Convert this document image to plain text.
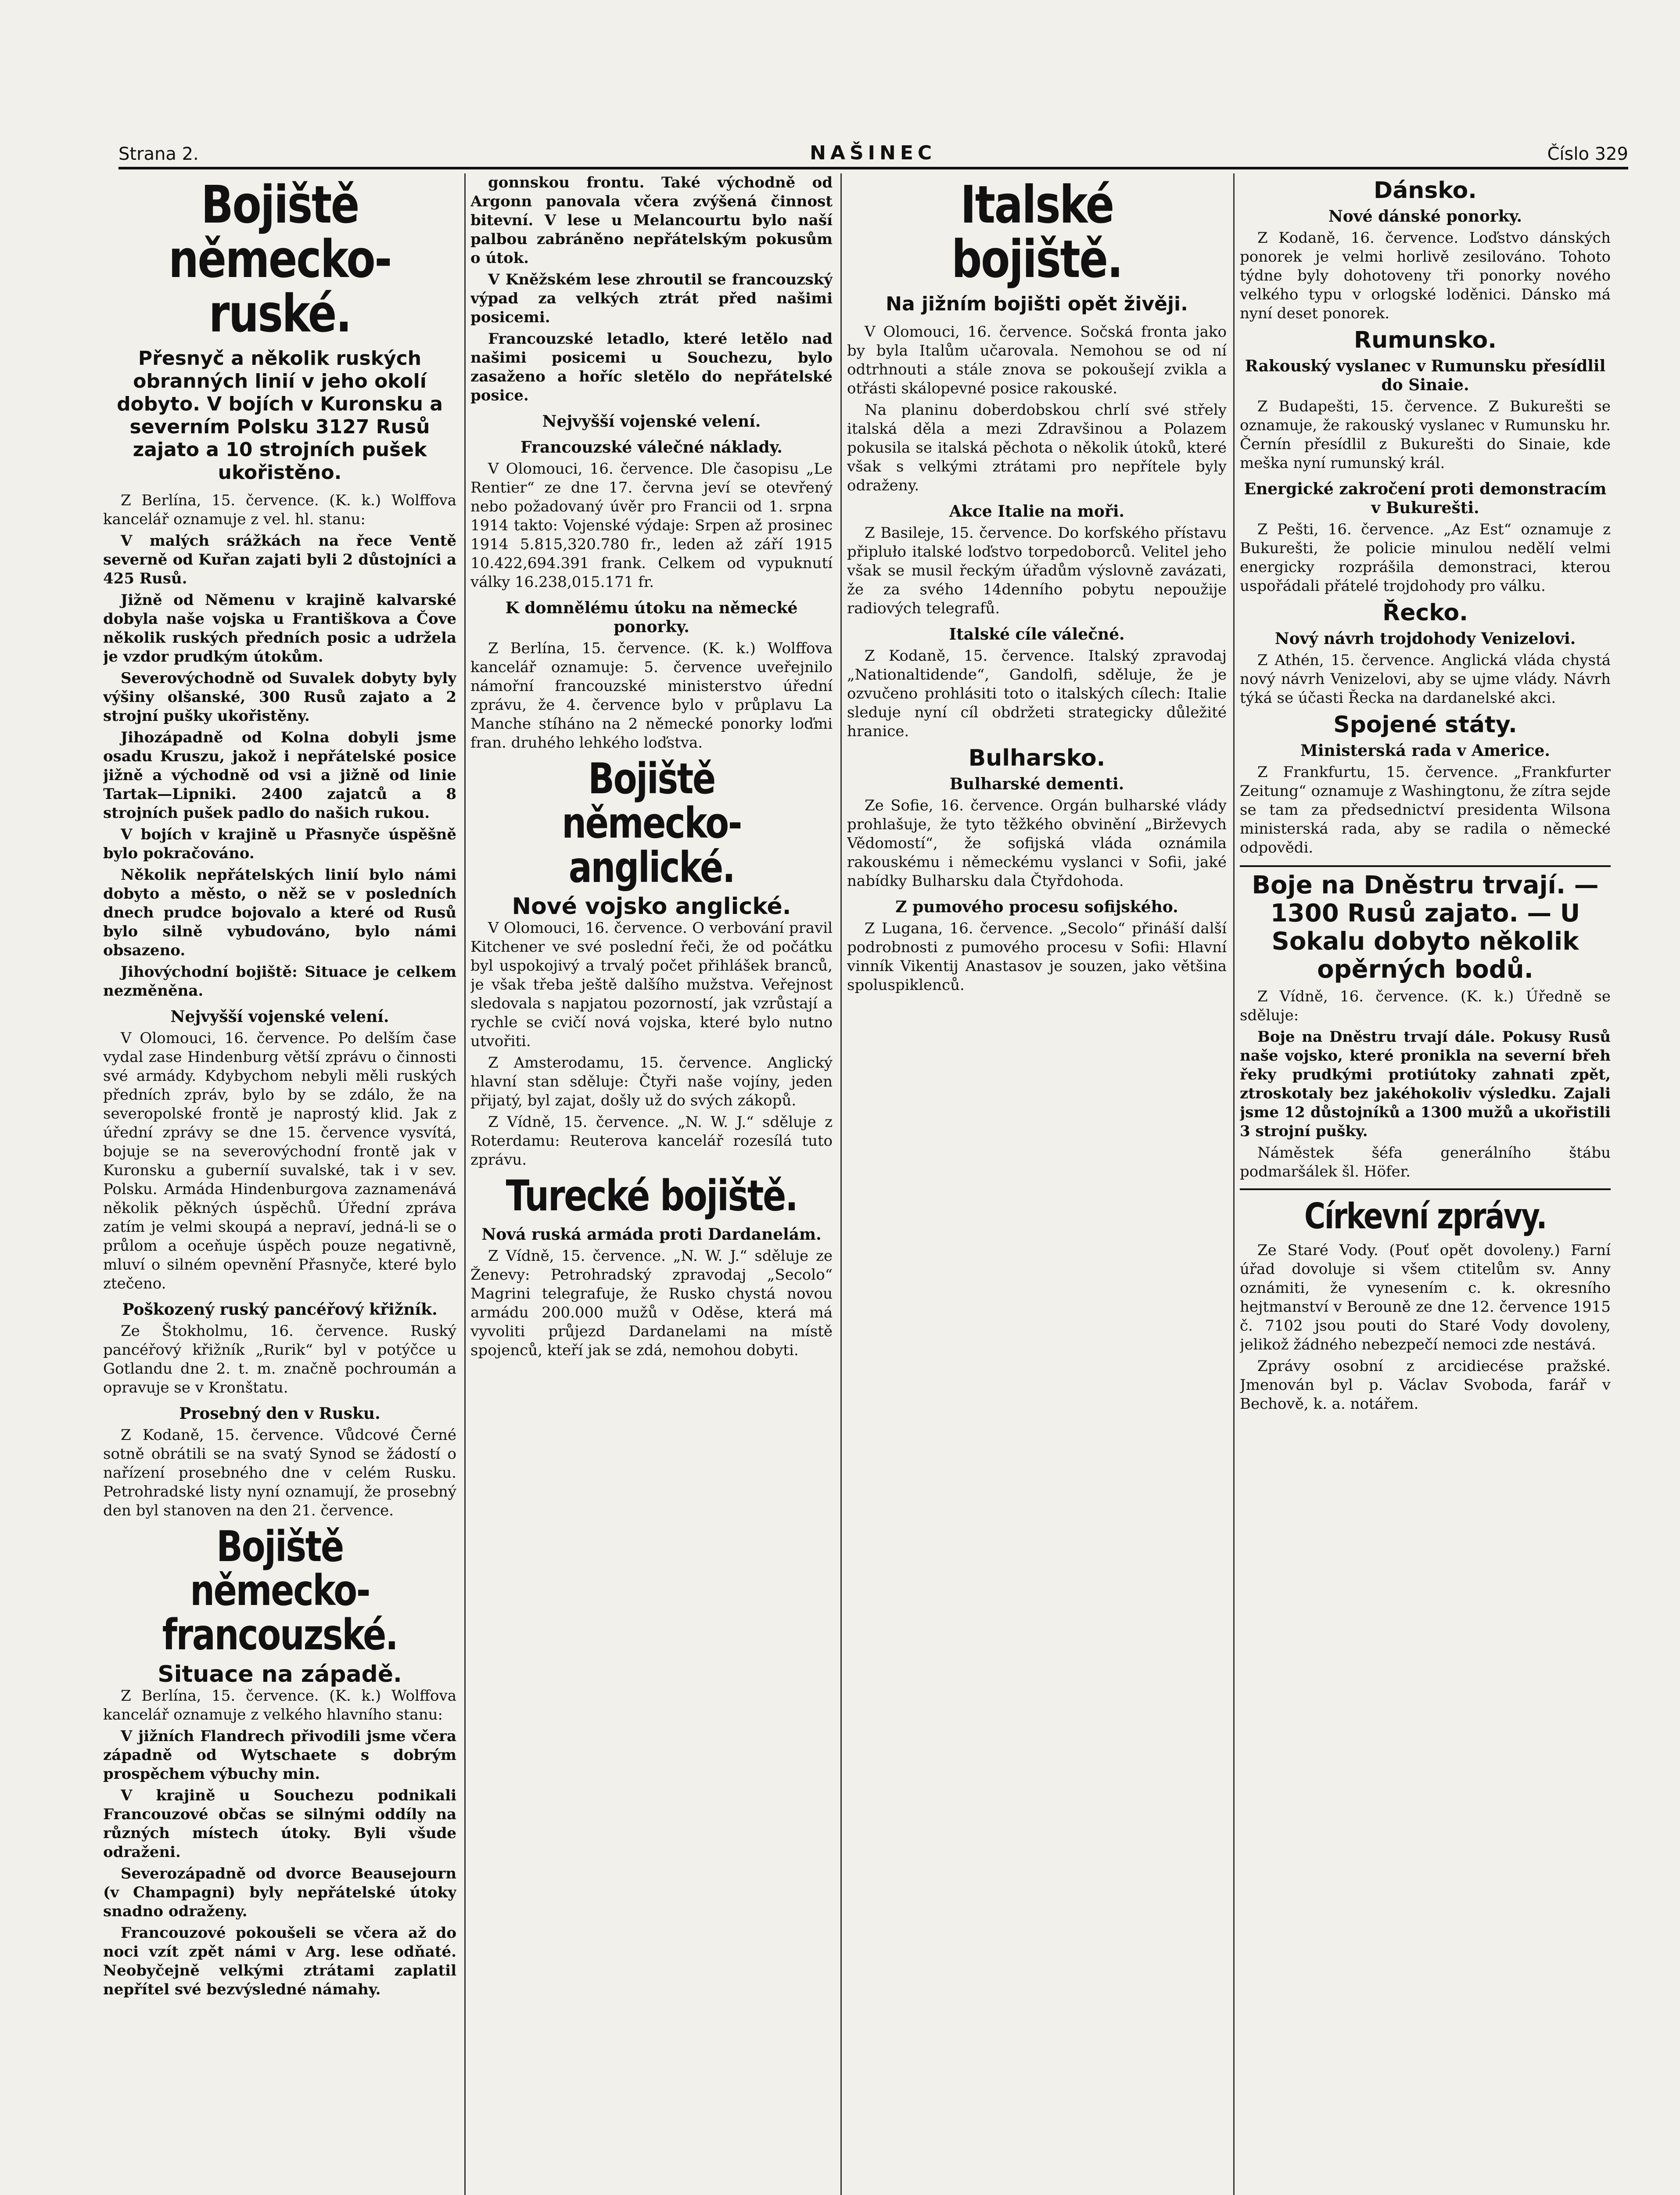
Strana 2.	NAŠINEC	Číslo 329
Bojiště německo-ruské.
Přesnyč a několik ruských obranných linií v jeho okolí dobyto. V bojích v Kuronsku a severním Polsku 3127 Rusů zajato a 10 strojních pušek ukořistěno.

Z Berlína, 15. července. (K. k.) Wolffova kancelář oznamuje z vel. hl. stanu:

V malých srážkách na řece Ventě severně od Kuřan zajati byli 2 důstojníci a 425 Rusů.

Jižně od Němenu v krajině kalvarské dobyla naše vojska u Františkova a Čove několik ruských předních posic a udržela je vzdor prudkým útokům.

Severovýchodně od Suvalek dobyty byly výšiny olšanské, 300 Rusů zajato a 2 strojní pušky ukořistěny.

Jihozápadně od Kolna dobyli jsme osadu Kruszu, jakož i nepřátelské posice jižně a východně od vsi a jižně od linie Tartak—Lipniki. 2400 zajatců a 8 strojních pušek padlo do našich rukou.

V bojích v krajině u Přasnyče úspěšně bylo pokračováno.

Několik nepřátelských linií bylo námi dobyto a město, o něž se v posledních dnech prudce bojovalo a které od Rusů bylo silně vybudováno, bylo námi obsazeno.

Jihovýchodní bojiště: Situace je celkem nezměněna.

Nejvyšší vojenské velení.

V Olomouci, 16. července. Po delším čase vydal zase Hindenburg větší zprávu o činnosti své armády. Kdybychom nebyli měli ruských předních zpráv, bylo by se zdálo, že na severopolské frontě je naprostý klid. Jak z úřední zprávy se dne 15. července vysvítá, bojuje se na severovýchodní frontě jak v Kuronsku a guberníí suvalské, tak i v sev. Polsku. Armáda Hindenburgova zaznamenává několik pěkných úspěchů. Úřední zpráva zatím je velmi skoupá a nepraví, jedná-li se o průlom a oceňuje úspěch pouze negativně, mluví o silném opevnění Přasnyče, které bylo ztečeno.

Poškozený ruský pancéřový křižník.

Ze Štokholmu, 16. července. Ruský pancéřový křižník „Rurik“ byl v potýčce u Gotlandu dne 2. t. m. značně pochroumán a opravuje se v Kronštatu.

Prosebný den v Rusku.

Z Kodaně, 15. července. Vůdcové Černé sotně obrátili se na svatý Synod se žádostí o nařízení prosebného dne v celém Rusku. Petrohradské listy nyní oznamují, že prosebný den byl stanoven na den 21. července.

Bojiště německo-francouzské.
Situace na západě.

Z Berlína, 15. července. (K. k.) Wolffova kancelář oznamuje z velkého hlavního stanu:

V jižních Flandrech přivodili jsme včera západně od Wytschaete s dobrým prospěchem výbuchy min.

V krajině u Souchezu podnikali Francouzové občas se silnými oddíly na různých místech útoky. Byli všude odraženi.

Severozápadně od dvorce Beausejourn (v Champagni) byly nepřátelské útoky snadno odraženy.

Francouzové pokoušeli se včera až do noci vzít zpět námi v Arg. lese odňaté. Neobyčejně velkými ztrátami zaplatil nepřítel své bezvýsledné námahy.

gonnskou frontu. Také východně od Argonn panovala včera zvýšená činnost bitevní. V lese u Melancourtu bylo naší palbou zabráněno nepřátelským pokusům o útok.

V Kněžském lese zhroutil se francouzský výpad za velkých ztrát před našimi posicemi.

Francouzské letadlo, které letělo nad našimi posicemi u Souchezu, bylo zasaženo a hoříc sletělo do nepřátelské posice.

Nejvyšší vojenské velení.
Francouzské válečné náklady.

V Olomouci, 16. července. Dle časopisu „Le Rentier“ ze dne 17. června jeví se otevřený nebo požadovaný úvěr pro Francii od 1. srpna 1914 takto: Vojenské výdaje: Srpen až prosinec 1914 5.815,320.780 fr., leden až září 1915 10.422,694.391 frank. Celkem od vypuknutí války 16.238,015.171 fr.

K domnělému útoku na německé ponorky.

Z Berlína, 15. července. (K. k.) Wolffova kancelář oznamuje: 5. července uveřejnilo námořní francouzské ministerstvo úřední zprávu, že 4. července bylo v průplavu La Manche stíháno na 2 německé ponorky loďmi fran. druhého lehkého loďstva.

Bojiště německo-anglické.
Nové vojsko anglické.

V Olomouci, 16. července. O verbování pravil Kitchener ve své poslední řeči, že od počátku byl uspokojivý a trvalý počet přihlášek branců, je však třeba ještě dalšího mužstva. Veřejnost sledovala s napjatou pozorností, jak vzrůstají a rychle se cvičí nová vojska, které bylo nutno utvořiti.

Z Amsterodamu, 15. července. Anglický hlavní stan sděluje: Čtyři naše vojíny, jeden přijatý, byl zajat, došly už do svých zákopů.

Z Vídně, 15. července. „N. W. J.“ sděluje z Roterdamu: Reuterova kancelář rozesílá tuto zprávu.

Turecké bojiště.
Nová ruská armáda proti Dardanelám.

Z Vídně, 15. července. „N. W. J.“ sděluje ze Ženevy: Petrohradský zpravodaj „Secolo“ Magrini telegrafuje, že Rusko chystá novou armádu 200.000 mužů v Oděse, která má vyvoliti průjezd Dardanelami na místě spojenců, kteří jak se zdá, nemohou dobyti.

Italské bojiště.
Na jižním bojišti opět živěji.

V Olomouci, 16. července. Sočská fronta jako by byla Italům učarovala. Nemohou se od ní odtrhnouti a stále znova se pokoušejí zvikla a otřásti skálopevné posice rakouské.

Na planinu doberdobskou chrlí své střely italská děla a mezi Zdravšinou a Polazem pokusila se italská pěchota o několik útoků, které však s velkými ztrátami pro nepřítele byly odraženy.

Akce Italie na moři.

Z Basileje, 15. července. Do korfského přístavu připluło italské loďstvo torpedoborců. Velitel jeho však se musil řeckým úřadům výslovně zavázati, že za svého 14denního pobytu nepoužije radiových telegrafů.

Italské cíle válečné.

Z Kodaně, 15. července. Italský zpravodaj „Nationaltidende“, Gandolfi, sděluje, že je ozvučeno prohlásiti toto o italských cílech: Italie sleduje nyní cíl obdržeti strategicky důležité hranice.

Bulharsko.
Bulharské dementi.

Ze Sofie, 16. července. Orgán bulharské vlády prohlašuje, že tyto těžkého obvinění „Birževych Vědomostí“, že sofijská vláda oznámila rakouskému i německému vyslanci v Sofii, jaké nabídky Bulharsku dala Čtyřdohoda.

Z pumového procesu sofijského.

Z Lugana, 16. července. „Secolo“ přináší další podrobnosti z pumového procesu v Sofii: Hlavní vinník Vikentij Anastasov je souzen, jako většina spoluspiklenců.

Dánsko.
Nové dánské ponorky.

Z Kodaně, 16. července. Loďstvo dánských ponorek je velmi horlivě zesilováno. Tohoto týdne byly dohotoveny tři ponorky nového velkého typu v orlogské loděnici. Dánsko má nyní deset ponorek.

Rumunsko.
Rakouský vyslanec v Rumunsku přesídlil do Sinaie.

Z Budapešti, 15. července. Z Bukurešti se oznamuje, že rakouský vyslanec v Rumunsku hr. Černín přesídlil z Bukurešti do Sinaie, kde meška nyní rumunský král.

Energické zakročení proti demonstracím v Bukurešti.

Z Pešti, 16. července. „Az Est“ oznamuje z Bukurešti, že policie minulou nedělí velmi energicky rozprášila demonstraci, kterou uspořádali přátelé trojdohody pro válku.

Řecko.
Nový návrh trojdohody Venizelovi.

Z Athén, 15. července. Anglická vláda chystá nový návrh Venizelovi, aby se ujme vlády. Návrh týká se účasti Řecka na dardanelské akci.

Spojené státy.
Ministerská rada v Americe.

Z Frankfurtu, 15. července. „Frankfurter Zeitung“ oznamuje z Washingtonu, že zítra sejde se tam za předsednictví presidenta Wilsona ministerská rada, aby se radila o německé odpovědi.

Boje na Dněstru trvají. — 1300 Rusů zajato. — U Sokalu dobyto několik opěrných bodů.

Z Vídně, 16. července. (K. k.) Úředně se sděluje:

Boje na Dněstru trvají dále. Pokusy Rusů naše vojsko, které pronikla na severní břeh řeky prudkými protiútoky zahnati zpět, ztroskotaly bez jakéhokoliv výsledku. Zajali jsme 12 důstojníků a 1300 mužů a ukořistili 3 strojní pušky.

Náměstek šéfa generálního štábu podmaršálek šl. Höfer.

Církevní zprávy.

Ze Staré Vody. (Pouť opět dovoleny.) Farní úřad dovoluje si všem ctitelům sv. Anny oznámiti, že vynesením c. k. okresního hejtmanství v Berouně ze dne 12. července 1915 č. 7102 jsou pouti do Staré Vody dovoleny, jelikož žádného nebezpečí nemoci zde nestává.

Zprávy osobní z arcidiecése pražské. Jmenován byl p. Václav Svoboda, farář v Bechově, k. a. notářem.
